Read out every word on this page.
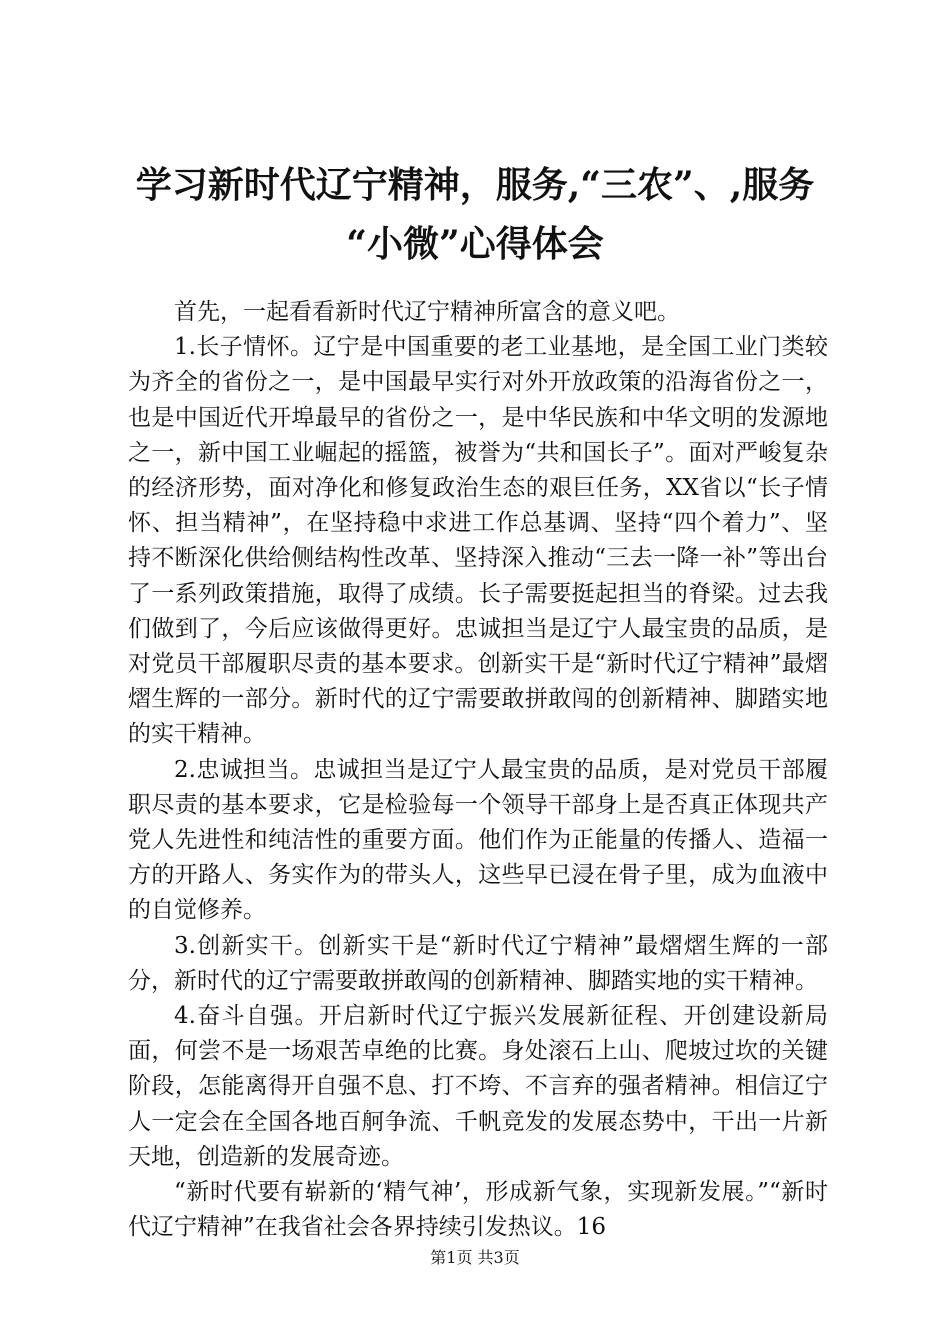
学习新时代辽宁精神，服务,“三农”、,服务
“小微”心得体会

首先，一起看看新时代辽宁精神所富含的意义吧。

1.长子情怀。辽宁是中国重要的老工业基地，是全国工业门类较为齐全的省份之一，是中国最早实行对外开放政策的沿海省份之一，也是中国近代开埠最早的省份之一，是中华民族和中华文明的发源地之一，新中国工业崛起的摇篮，被誉为“共和国长子”。面对严峻复杂的经济形势，面对净化和修复政治生态的艰巨任务，XX省以“长子情怀、担当精神”，在坚持稳中求进工作总基调、坚持“四个着力”、坚持不断深化供给侧结构性改革、坚持深入推动“三去一降一补”等出台了一系列政策措施，取得了成绩。长子需要挺起担当的脊梁。过去我们做到了，今后应该做得更好。忠诚担当是辽宁人最宝贵的品质，是对党员干部履职尽责的基本要求。创新实干是“新时代辽宁精神”最熠熠生辉的一部分。新时代的辽宁需要敢拼敢闯的创新精神、脚踏实地的实干精神。

2.忠诚担当。忠诚担当是辽宁人最宝贵的品质，是对党员干部履职尽责的基本要求，它是检验每一个领导干部身上是否真正体现共产党人先进性和纯洁性的重要方面。他们作为正能量的传播人、造福一方的开路人、务实作为的带头人，这些早已浸在骨子里，成为血液中的自觉修养。

3.创新实干。创新实干是“新时代辽宁精神”最熠熠生辉的一部分，新时代的辽宁需要敢拼敢闯的创新精神、脚踏实地的实干精神。

4.奋斗自强。开启新时代辽宁振兴发展新征程、开创建设新局面，何尝不是一场艰苦卓绝的比赛。身处滚石上山、爬坡过坎的关键阶段，怎能离得开自强不息、打不垮、不言弃的强者精神。相信辽宁人一定会在全国各地百舸争流、千帆竞发的发展态势中，干出一片新天地，创造新的发展奇迹。

“新时代要有崭新的‘精气神’，形成新气象，实现新发展。”“新时代辽宁精神”在我省社会各界持续引发热议。16

第1页 共3页
